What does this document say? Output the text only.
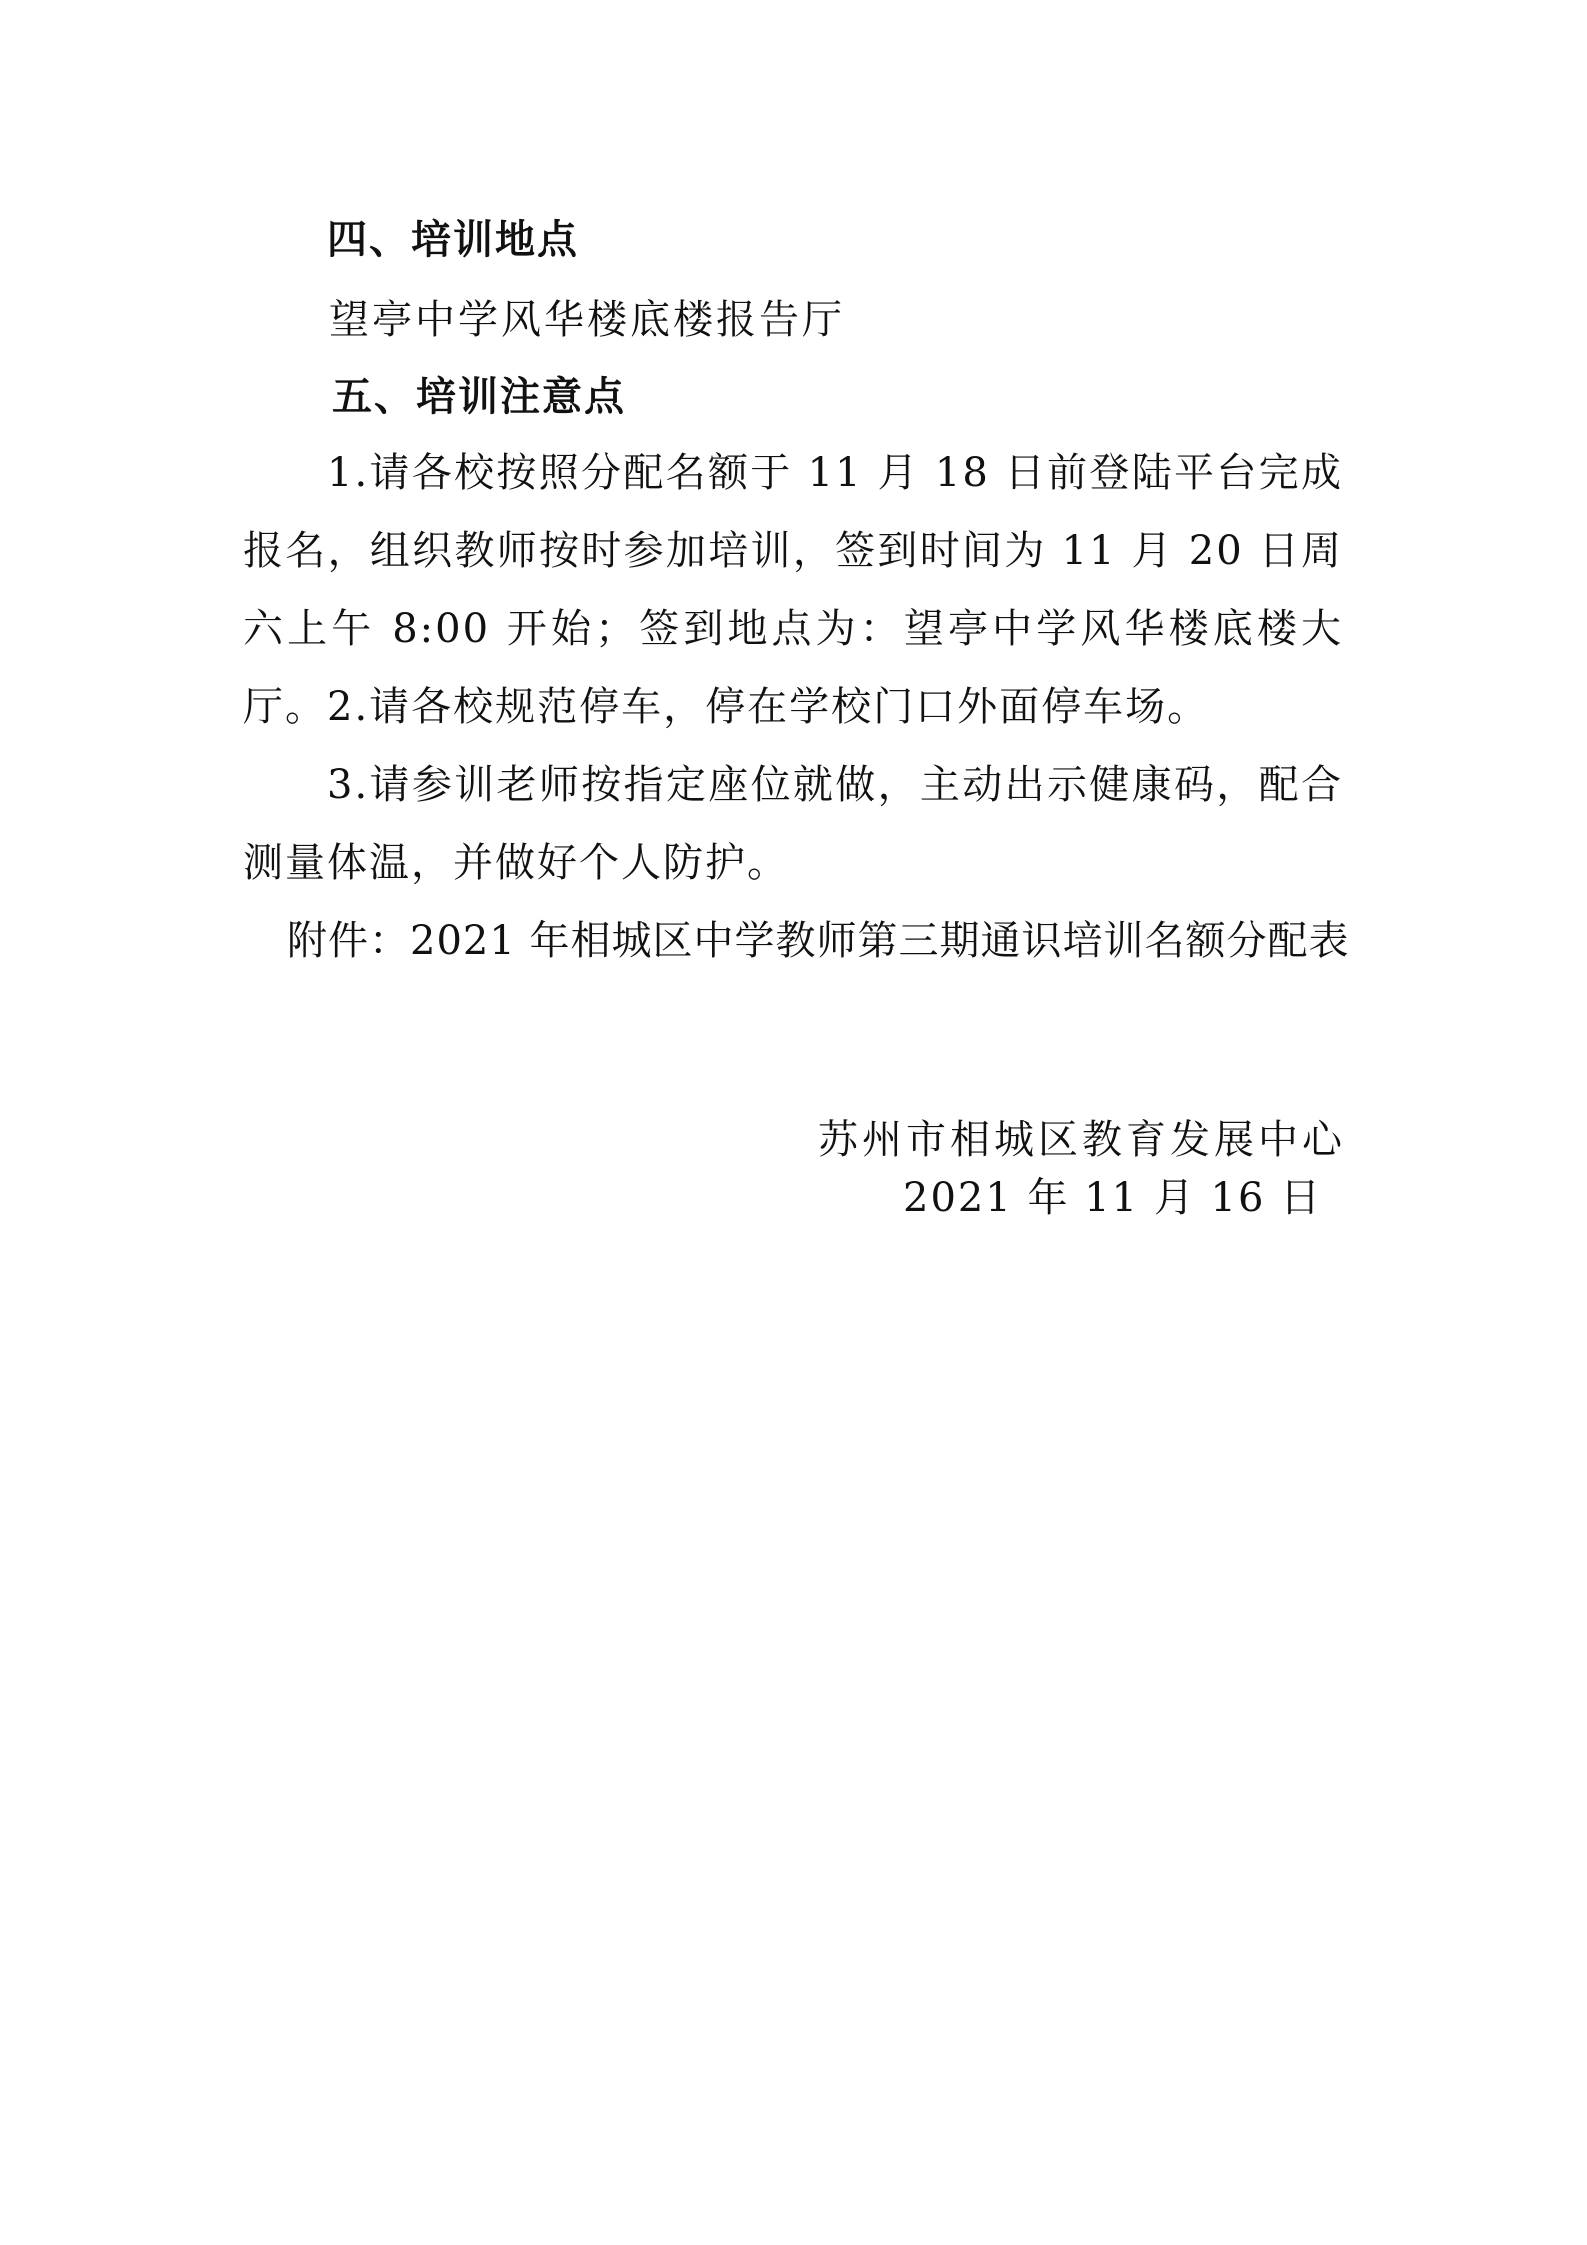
四、培训地点
望亭中学风华楼底楼报告厅
五、培训注意点
1.请各校按照分配名额于 11 月 18 日前登陆平台完成报名，组织教师按时参加培训，签到时间为 11 月 20 日周六上午 8:00 开始；签到地点为：望亭中学风华楼底楼大厅。 2.请各校规范停车，停在学校门口外面停车场。
3.请参训老师按指定座位就做，主动出示健康码，配合测量体温，并做好个人防护。
附件：2021 年相城区中学教师第三期通识培训名额分配表
苏州市相城区教育发展中心
2021 年 11 月 16 日
